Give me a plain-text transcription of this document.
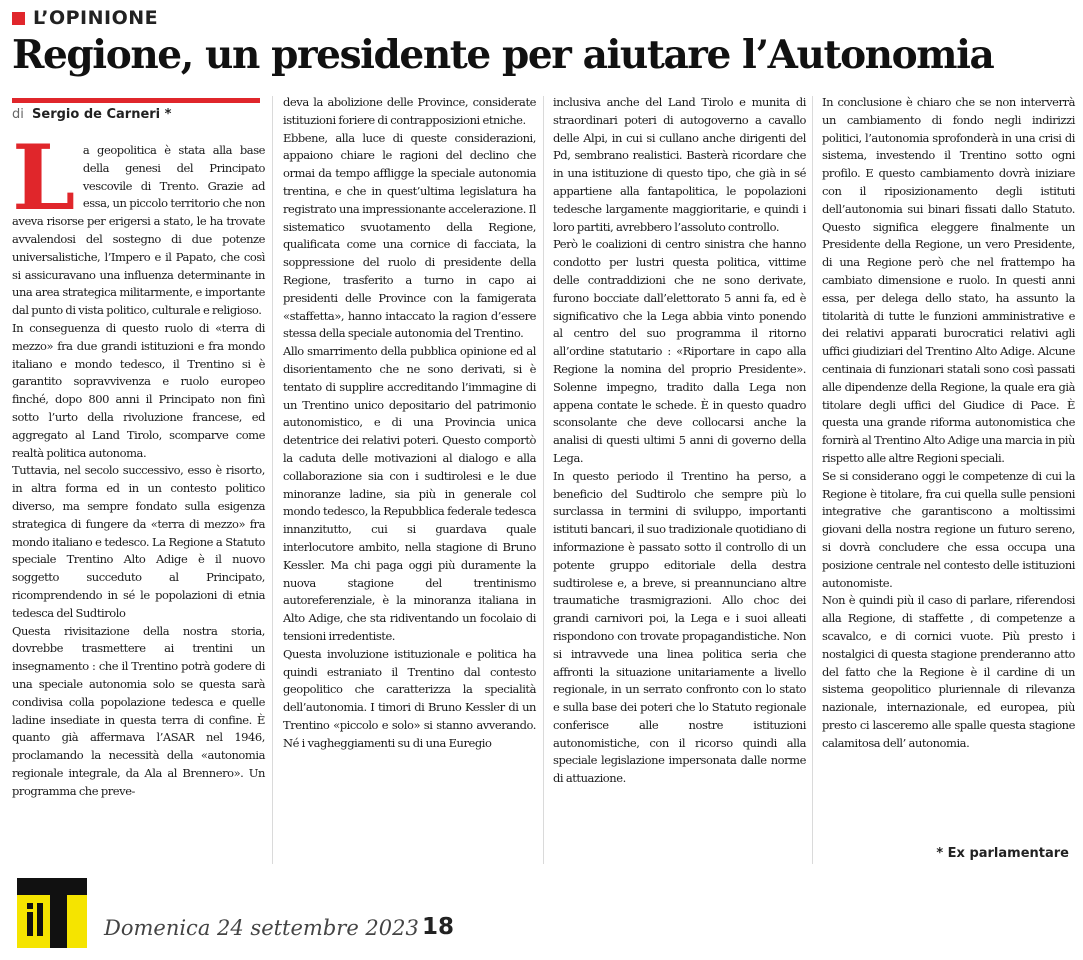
L’OPINIONE
Regione, un presidente per aiutare l’Autonomia
di Sergio de Carneri *
L a geopolitica è stata alla base della genesi del Principato vescovile di Trento. Grazie ad essa, un piccolo territorio che non aveva risorse per erigersi a stato, le ha trovate avvalendosi del sostegno di due potenze universalistiche, l’Impero e il Papato, che così si assicuravano una influenza determinante in una area strategica militarmente, e importante dal punto di vista politico, culturale e religioso.

In conseguenza di questo ruolo di «terra di mezzo» fra due grandi istituzioni e fra mondo italiano e mondo tedesco, il Trentino si è garantito sopravvivenza e ruolo europeo finché, dopo 800 anni il Principato non finì sotto l’urto della rivoluzione francese, ed aggregato al Land Tirolo, scomparve come realtà politica autonoma.

Tuttavia, nel secolo successivo, esso è risorto, in altra forma ed in un contesto politico diverso, ma sempre fondato sulla esigenza strategica di fungere da «terra di mezzo» fra mondo italiano e tedesco. La Regione a Statuto speciale Trentino Alto Adige è il nuovo soggetto succeduto al Principato, ricomprendendo in sé le popolazioni di etnia tedesca del Sudtirolo

Questa rivisitazione della nostra storia, dovrebbe trasmettere ai trentini un insegnamento : che il Trentino potrà godere di una speciale autonomia solo se questa sarà condivisa colla popolazione tedesca e quelle ladine insediate in questa terra di confine. È quanto già affermava l’ASAR nel 1946, proclamando la necessità della «autonomia regionale integrale, da Ala al Brennero». Un programma che preve-

deva la abolizione delle Province, considerate istituzioni foriere di contrapposizioni etniche.

Ebbene, alla luce di queste considerazioni, appaiono chiare le ragioni del declino che ormai da tempo affligge la speciale autonomia trentina, e che in quest’ultima legislatura ha registrato una impressionante accelerazione. Il sistematico svuotamento della Regione, qualificata come una cornice di facciata, la soppressione del ruolo di presidente della Regione, trasferito a turno in capo ai presidenti delle Province con la famigerata «staffetta», hanno intaccato la ragion d’essere stessa della speciale autonomia del Trentino.

Allo smarrimento della pubblica opinione ed al disorientamento che ne sono derivati, si è tentato di supplire accreditando l’immagine di un Trentino unico depositario del patrimonio autonomistico, e di una Provincia unica detentrice dei relativi poteri. Questo comportò la caduta delle motivazioni al dialogo e alla collaborazione sia con i sudtirolesi e le due minoranze ladine, sia più in generale col mondo tedesco, la Repubblica federale tedesca innanzitutto, cui si guardava quale interlocutore ambito, nella stagione di Bruno Kessler. Ma chi paga oggi più duramente la nuova stagione del trentinismo autoreferenziale, è la minoranza italiana in Alto Adige, che sta ridiventando un focolaio di tensioni irredentiste.

Questa involuzione istituzionale e politica ha quindi estraniato il Trentino dal contesto geopolitico che caratterizza la specialità dell’autonomia. I timori di Bruno Kessler di un Trentino «piccolo e solo» si stanno avverando. Né i vagheggiamenti su di una Euregio

inclusiva anche del Land Tirolo e munita di straordinari poteri di autogoverno a cavallo delle Alpi, in cui si cullano anche dirigenti del Pd, sembrano realistici. Basterà ricordare che in una istituzione di questo tipo, che già in sé appartiene alla fantapolitica, le popolazioni tedesche largamente maggioritarie, e quindi i loro partiti, avrebbero l’assoluto controllo.

Però le coalizioni di centro sinistra che hanno condotto per lustri questa politica, vittime delle contraddizioni che ne sono derivate, furono bocciate dall’elettorato 5 anni fa, ed è significativo che la Lega abbia vinto ponendo al centro del suo programma il ritorno all’ordine statutario : «Riportare in capo alla Regione la nomina del proprio Presidente». Solenne impegno, tradito dalla Lega non appena contate le schede. È in questo quadro sconsolante che deve collocarsi anche la analisi di questi ultimi 5 anni di governo della Lega.

In questo periodo il Trentino ha perso, a beneficio del Sudtirolo che sempre più lo surclassa in termini di sviluppo, importanti istituti bancari, il suo tradizionale quotidiano di informazione è passato sotto il controllo di un potente gruppo editoriale della destra sudtirolese e, a breve, si preannunciano altre traumatiche trasmigrazioni. Allo choc dei grandi carnivori poi, la Lega e i suoi alleati rispondono con trovate propagandistiche. Non si intravvede una linea politica seria che affronti la situazione unitariamente a livello regionale, in un serrato confronto con lo stato e sulla base dei poteri che lo Statuto regionale conferisce alle nostre istituzioni autonomistiche, con il ricorso quindi alla speciale legislazione impersonata dalle norme di attuazione.

In conclusione è chiaro che se non interverrà un cambiamento di fondo negli indirizzi politici, l’autonomia sprofonderà in una crisi di sistema, investendo il Trentino sotto ogni profilo. E questo cambiamento dovrà iniziare con il riposizionamento degli istituti dell’autonomia sui binari fissati dallo Statuto. Questo significa eleggere finalmente un Presidente della Regione, un vero Presidente, di una Regione però che nel frattempo ha cambiato dimensione e ruolo. In questi anni essa, per delega dello stato, ha assunto la titolarità di tutte le funzioni amministrative e dei relativi apparati burocratici relativi agli uffici giudiziari del Trentino Alto Adige. Alcune centinaia di funzionari statali sono così passati alle dipendenze della Regione, la quale era già titolare degli uffici del Giudice di Pace. È questa una grande riforma autonomistica che fornirà al Trentino Alto Adige una marcia in più rispetto alle altre Regioni speciali.

Se si considerano oggi le competenze di cui la Regione è titolare, fra cui quella sulle pensioni integrative che garantiscono a moltissimi giovani della nostra regione un futuro sereno, si dovrà concludere che essa occupa una posizione centrale nel contesto delle istituzioni autonomiste.

Non è quindi più il caso di parlare, riferendosi alla Regione, di staffette , di competenze a scavalco, e di cornici vuote. Più presto i nostalgici di questa stagione prenderanno atto del fatto che la Regione è il cardine di un sistema geopolitico pluriennale di rilevanza nazionale, internazionale, ed europea, più presto ci lasceremo alle spalle questa stagione calamitosa dell’ autonomia.

* Ex parlamentare
Domenica 24 settembre 2023 18
